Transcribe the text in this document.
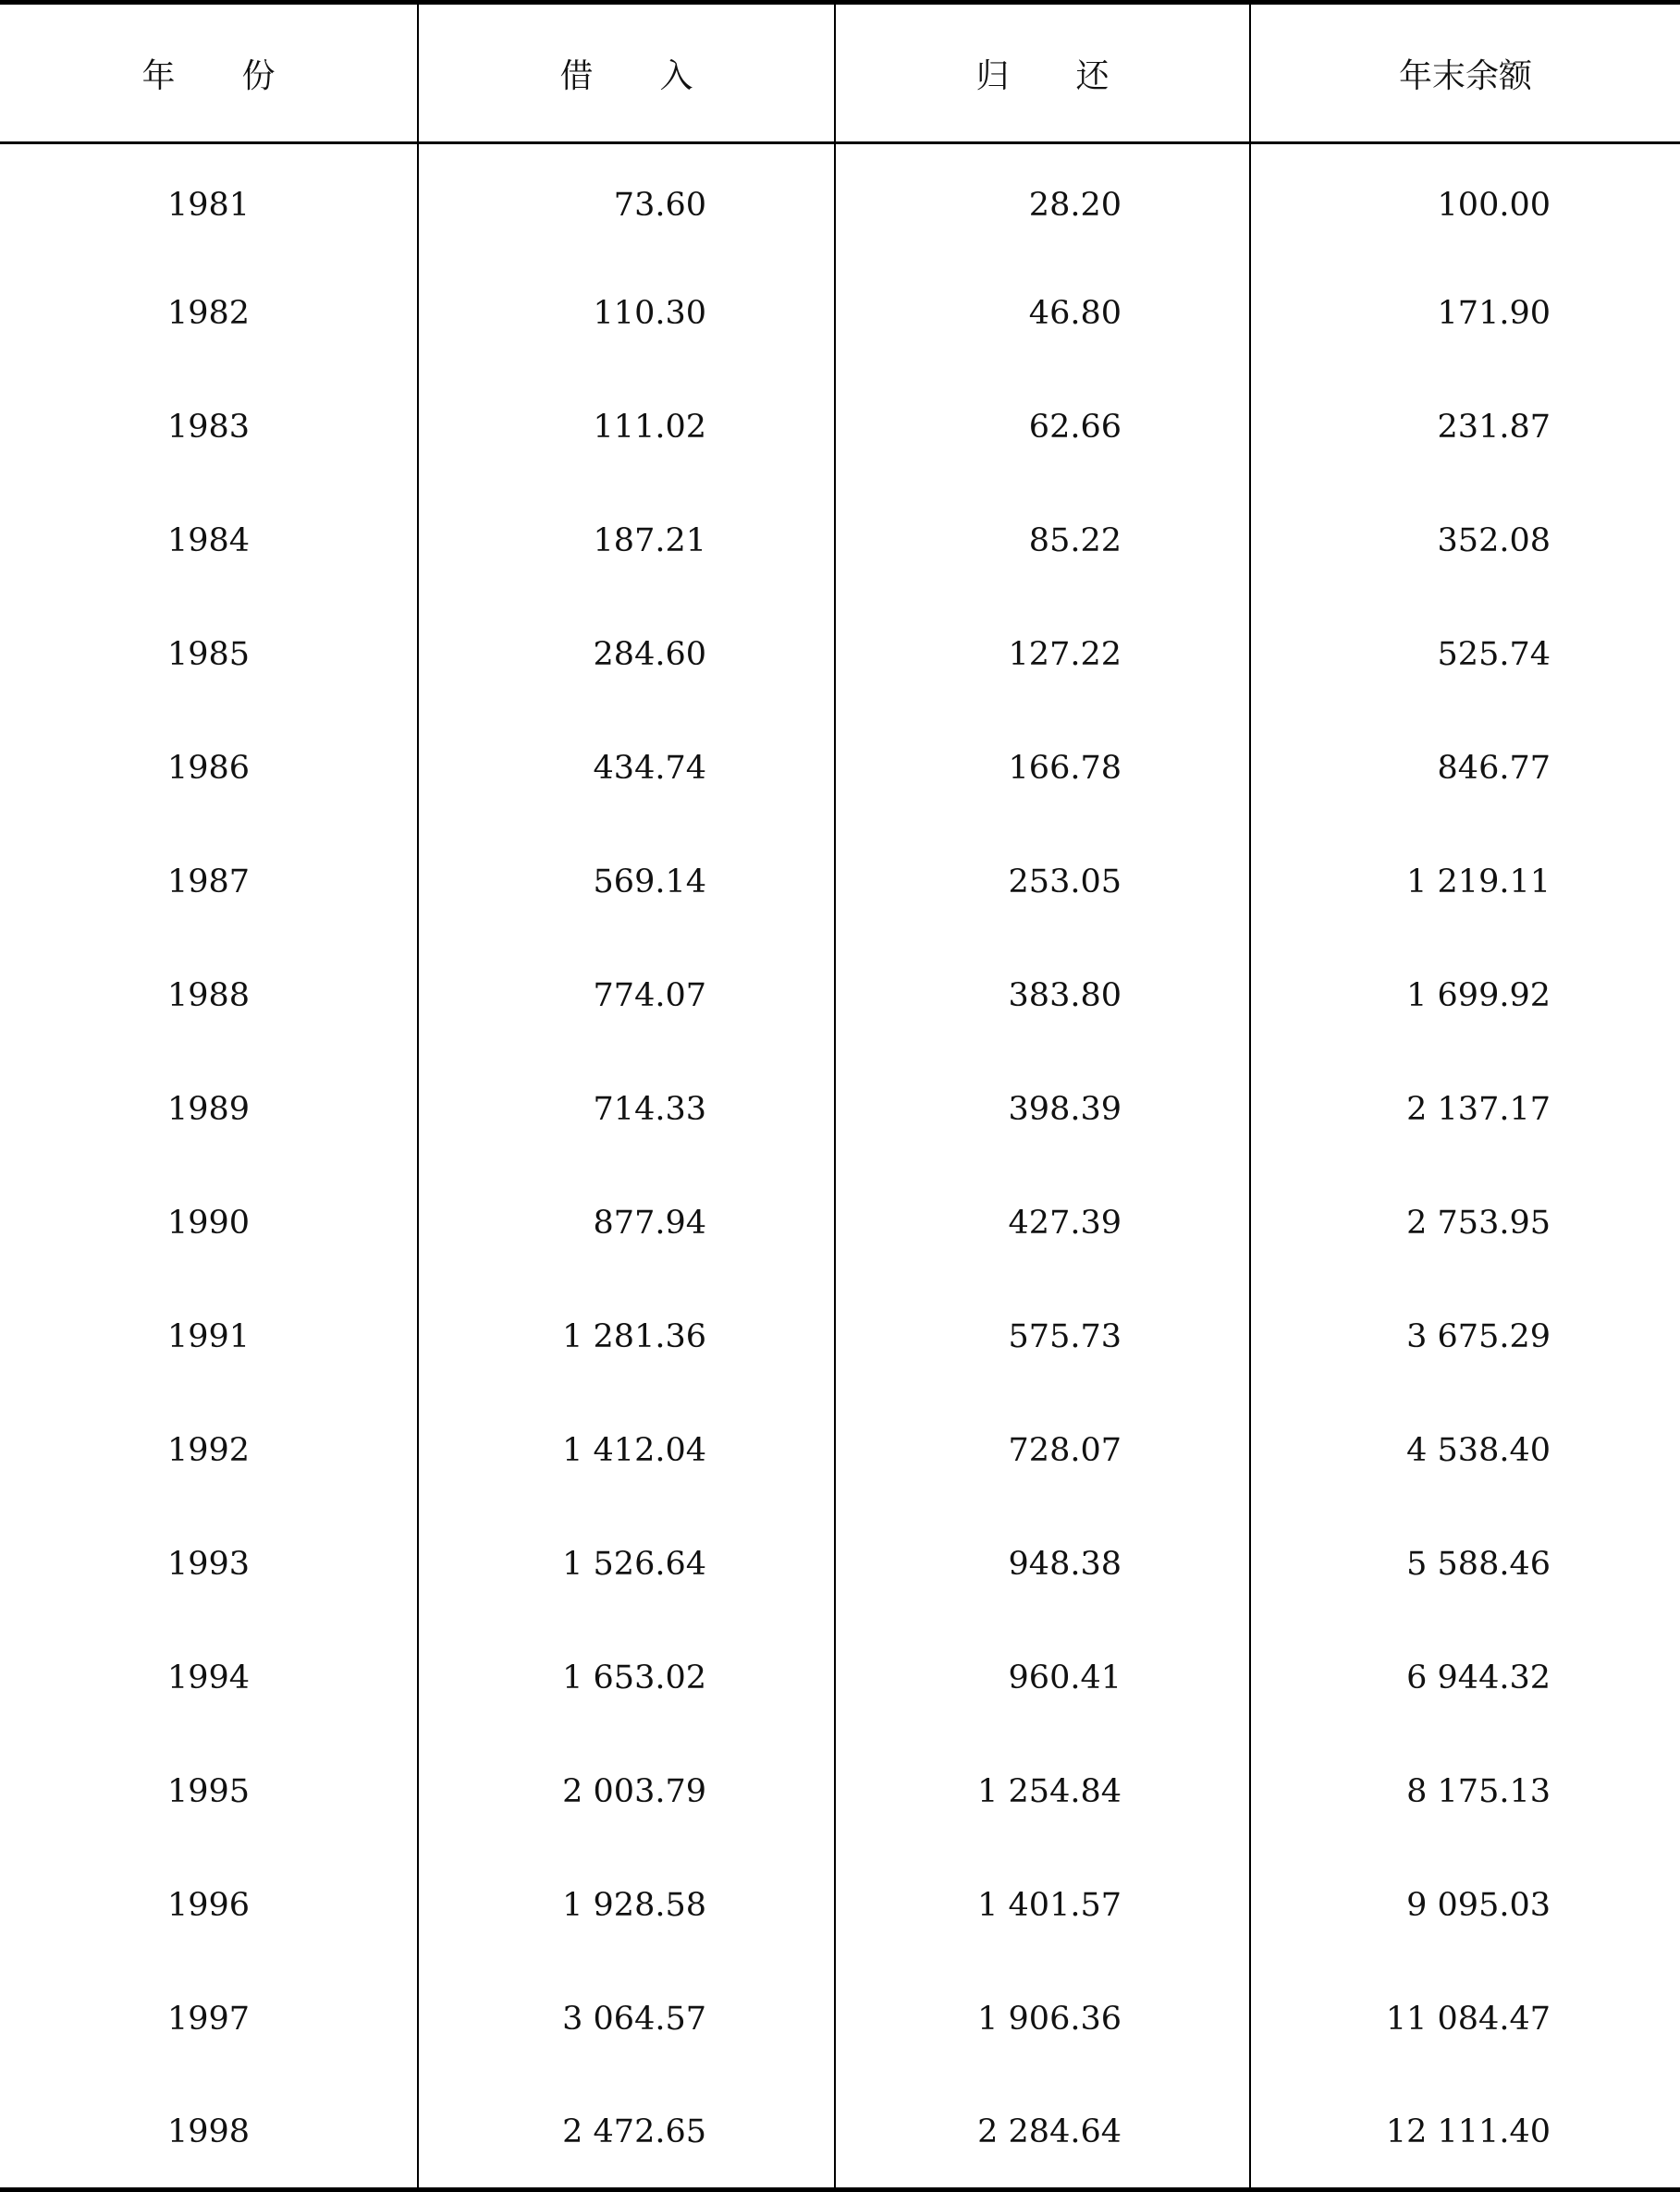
年　　份	借　　入	归　　还	年末余额
1981	73.60	28.20	100.00
1982	110.30	46.80	171.90
1983	111.02	62.66	231.87
1984	187.21	85.22	352.08
1985	284.60	127.22	525.74
1986	434.74	166.78	846.77
1987	569.14	253.05	1 219.11
1988	774.07	383.80	1 699.92
1989	714.33	398.39	2 137.17
1990	877.94	427.39	2 753.95
1991	1 281.36	575.73	3 675.29
1992	1 412.04	728.07	4 538.40
1993	1 526.64	948.38	5 588.46
1994	1 653.02	960.41	6 944.32
1995	2 003.79	1 254.84	8 175.13
1996	1 928.58	1 401.57	9 095.03
1997	3 064.57	1 906.36	11 084.47
1998	2 472.65	2 284.64	12 111.40
